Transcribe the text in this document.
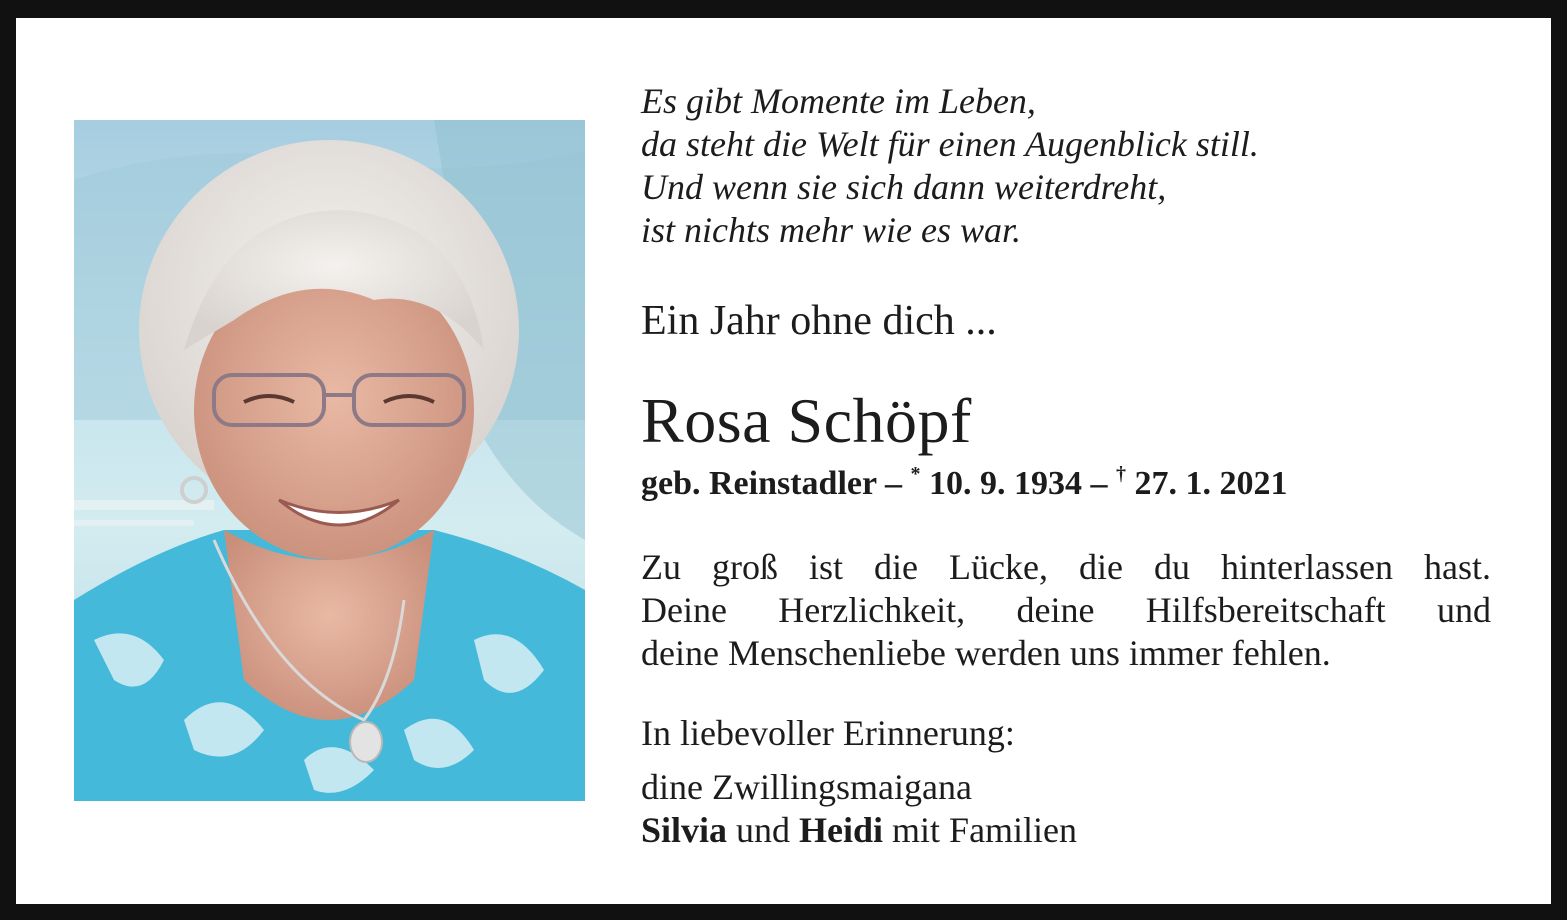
Es gibt Momente im Leben,
da steht die Welt für einen Augenblick still.
Und wenn sie sich dann weiterdreht,
ist nichts mehr wie es war.
Ein Jahr ohne dich ...
Rosa Schöpf
geb. Reinstadler – * 10. 9. 1934 – † 27. 1. 2021
Zu groß ist die Lücke, die du hinterlassen hast.
Deine Herzlichkeit, deine Hilfsbereitschaft und
deine Menschenliebe werden uns immer fehlen.
In liebevoller Erinnerung:
dine Zwillingsmaigana
Silvia und Heidi mit Familien
